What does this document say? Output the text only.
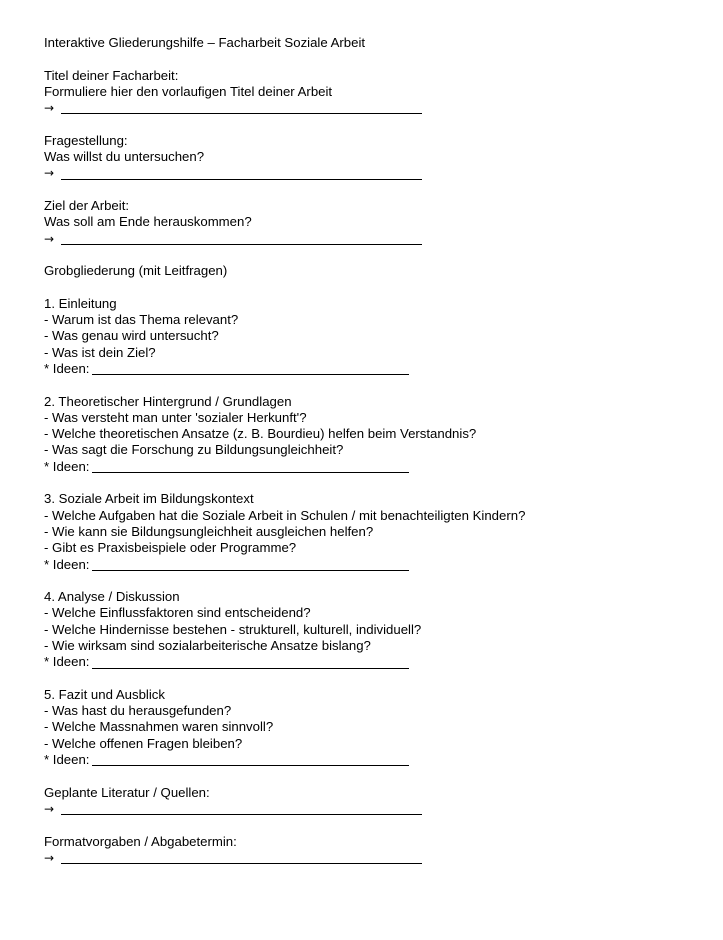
Interaktive Gliederungshilfe – Facharbeit Soziale Arbeit
Titel deiner Facharbeit:
Formuliere hier den vorlaufigen Titel deiner Arbeit
→
Fragestellung:
Was willst du untersuchen?
→
Ziel der Arbeit:
Was soll am Ende herauskommen?
→
Grobgliederung (mit Leitfragen)
1. Einleitung
- Warum ist das Thema relevant?
- Was genau wird untersucht?
- Was ist dein Ziel?
* Ideen:
2. Theoretischer Hintergrund / Grundlagen
- Was versteht man unter 'sozialer Herkunft'?
- Welche theoretischen Ansatze (z. B. Bourdieu) helfen beim Verstandnis?
- Was sagt die Forschung zu Bildungsungleichheit?
* Ideen:
3. Soziale Arbeit im Bildungskontext
- Welche Aufgaben hat die Soziale Arbeit in Schulen / mit benachteiligten Kindern?
- Wie kann sie Bildungsungleichheit ausgleichen helfen?
- Gibt es Praxisbeispiele oder Programme?
* Ideen:
4. Analyse / Diskussion
- Welche Einflussfaktoren sind entscheidend?
- Welche Hindernisse bestehen - strukturell, kulturell, individuell?
- Wie wirksam sind sozialarbeiterische Ansatze bislang?
* Ideen:
5. Fazit und Ausblick
- Was hast du herausgefunden?
- Welche Massnahmen waren sinnvoll?
- Welche offenen Fragen bleiben?
* Ideen:
Geplante Literatur / Quellen:
→
Formatvorgaben / Abgabetermin:
→
